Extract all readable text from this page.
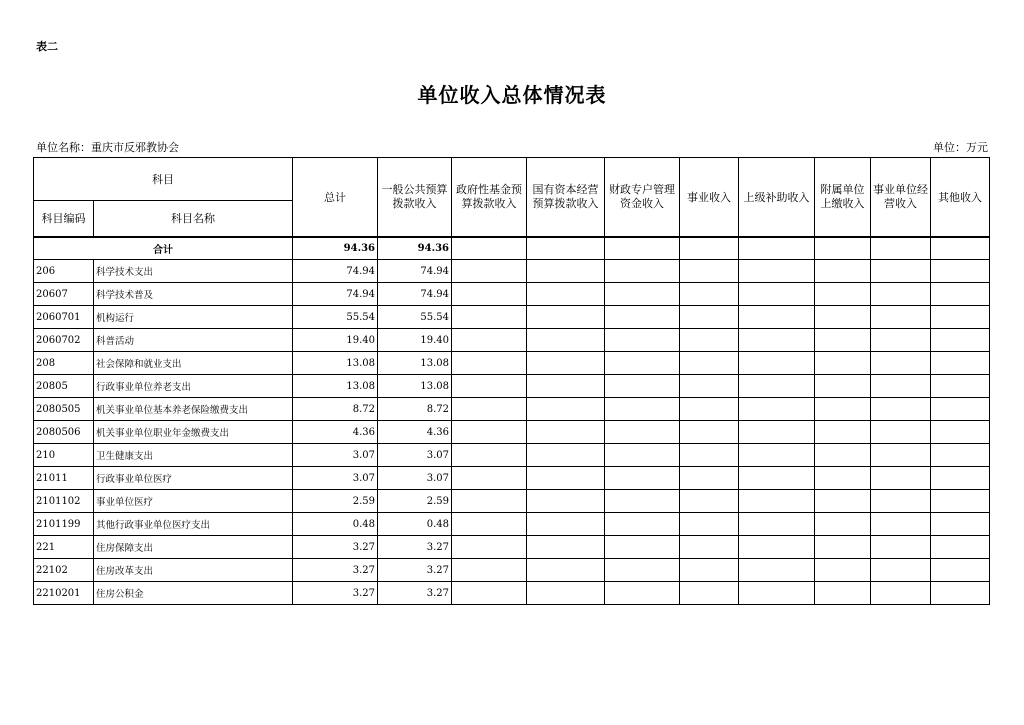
表二
单位收入总体情况表
单位名称：重庆市反邪教协会	单位：万元
科目		总计	一般公共预算拨款收入	政府性基金预算拨款收入	国有资本经营预算拨款收入	财政专户管理资金收入	事业收入	上级补助收入	附属单位上缴收入	事业单位经营收入	其他收入
科目编码	科目名称										
合计		94.36	94.36								
206	科学技术支出	74.94	74.94								
20607	科学技术普及	74.94	74.94								
2060701	机构运行	55.54	55.54								
2060702	科普活动	19.40	19.40								
208	社会保障和就业支出	13.08	13.08								
20805	行政事业单位养老支出	13.08	13.08								
2080505	机关事业单位基本养老保险缴费支出	8.72	8.72								
2080506	机关事业单位职业年金缴费支出	4.36	4.36								
210	卫生健康支出	3.07	3.07								
21011	行政事业单位医疗	3.07	3.07								
2101102	事业单位医疗	2.59	2.59								
2101199	其他行政事业单位医疗支出	0.48	0.48								
221	住房保障支出	3.27	3.27								
22102	住房改革支出	3.27	3.27								
2210201	住房公积金	3.27	3.27								
